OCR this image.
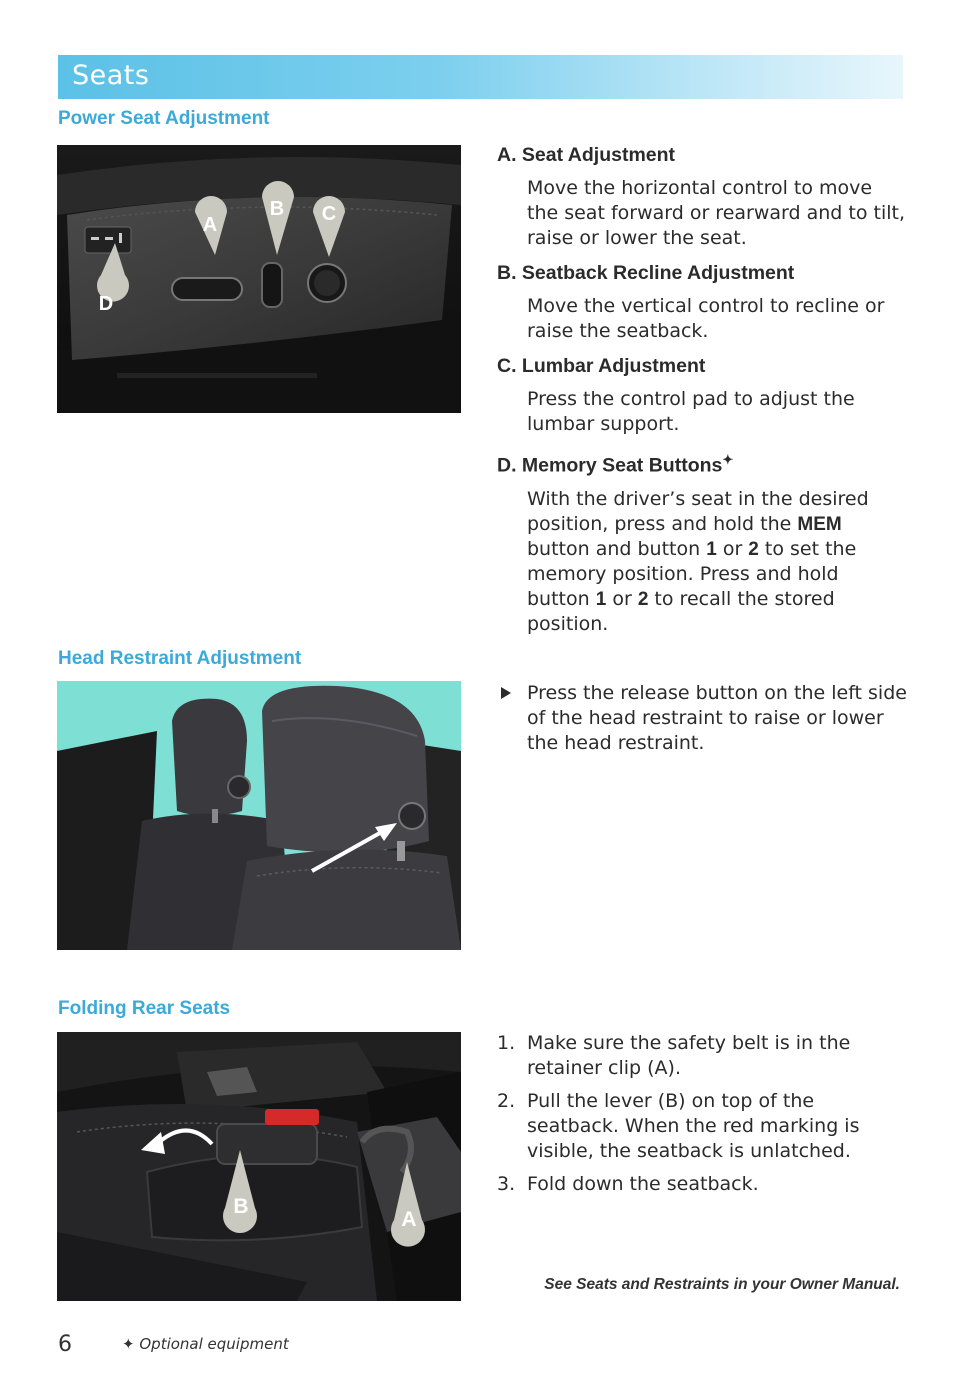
Seats
Power Seat Adjustment
A
B C
D
A. Seat Adjustment
Move the horizontal control to move the seat forward or rearward and to tilt, raise or lower the seat.
B. Seatback Recline Adjustment
Move the vertical control to recline or raise the seatback.
C. Lumbar Adjustment
Press the control pad to adjust the lumbar support.
D. Memory Seat Buttons✦
With the driver’s seat in the desired position, press and hold the MEM button and button 1 or 2 to set the memory position. Press and hold button 1 or 2 to recall the stored position.
Head Restraint Adjustment
Press the release button on the left side of the head restraint to raise or lower the head restraint.
Folding Rear Seats
B
A
1. Make sure the safety belt is in the retainer clip (A).
2. Pull the lever (B) on top of the seatback. When the red marking is visible, the seatback is unlatched.
3. Fold down the seatback.
See Seats and Restraints in your Owner Manual.
6	✦ Optional equipment
